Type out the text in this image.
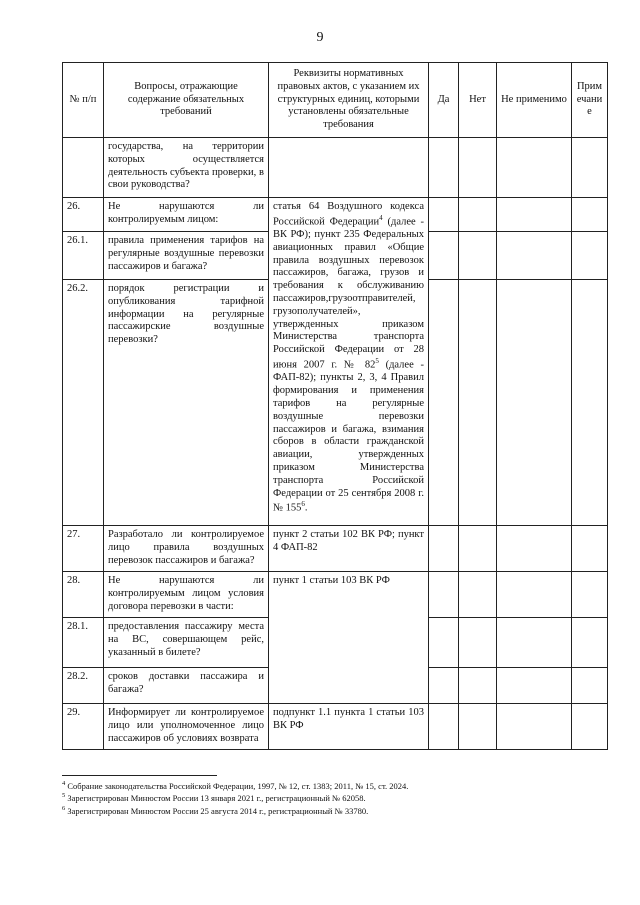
9
№ п/п	Вопросы, отражающие содержание обязательных требований	Реквизиты нормативных правовых актов, с указанием их структурных единиц, которыми установлены обязательные требования	Да	Нет	Не применимо	Примечание
	государства, на территории которых осуществляется деятельность субъекта проверки, в свои руководства?					
26.	Не нарушаются ли контролируемым лицом:	статья 64 Воздушного кодекса Российской Федерации$^4$ (далее - ВК РФ); пункт 235 Федеральных авиационных правил «Общие правила воздушных перевозок пассажиров, багажа, грузов и требования к обслуживанию пассажиров,грузоотправителей, грузополучателей», утвержденных приказом Министерства транспорта Российской Федерации от 28 июня 2007 г. № $82^5$ (далее - ФАП-82); пункты 2, 3, 4 Правил формирования и применения тарифов на регулярные воздушные перевозки пассажиров и багажа, взимания сборов в области гражданской авиации, утвержденных приказом Министерства транспорта Российской Федерации от 25 сентября 2008 г. № $155^6$.				
26.1.	правила применения тарифов на регулярные воздушные перевозки пассажиров и багажа?					
26.2.	порядок регистрации и опубликования тарифной информации на регулярные пассажирские воздушные перевозки?					
27.	Разработало ли контролируемое лицо правила воздушных перевозок пассажиров и багажа?	пункт 2 статьи 102 ВК РФ; пункт 4 ФАП-82				
28.	Не нарушаются ли контролируемым лицом условия договора перевозки в части:	пункт 1 статьи 103 ВК РФ				
28.1.	предоставления пассажиру места на ВС, совершающем рейс, указанный в билете?					
28.2.	сроков доставки пассажира и багажа?					
29.	Информирует ли контролируемое лицо или уполномоченное лицо пассажиров об условиях возврата	подпункт 1.1 пункта 1 статьи 103 ВК РФ				
$^4$ Собрание законодательства Российской Федерации, 1997, № 12, ст. 1383; 2011, № 15, ст. 2024.
$^5$ Зарегистрирован Минюстом России 13 января 2021 г., регистрационный № 62058.
$^6$ Зарегистрирован Минюстом России 25 августа 2014 г., регистрационный № 33780.
